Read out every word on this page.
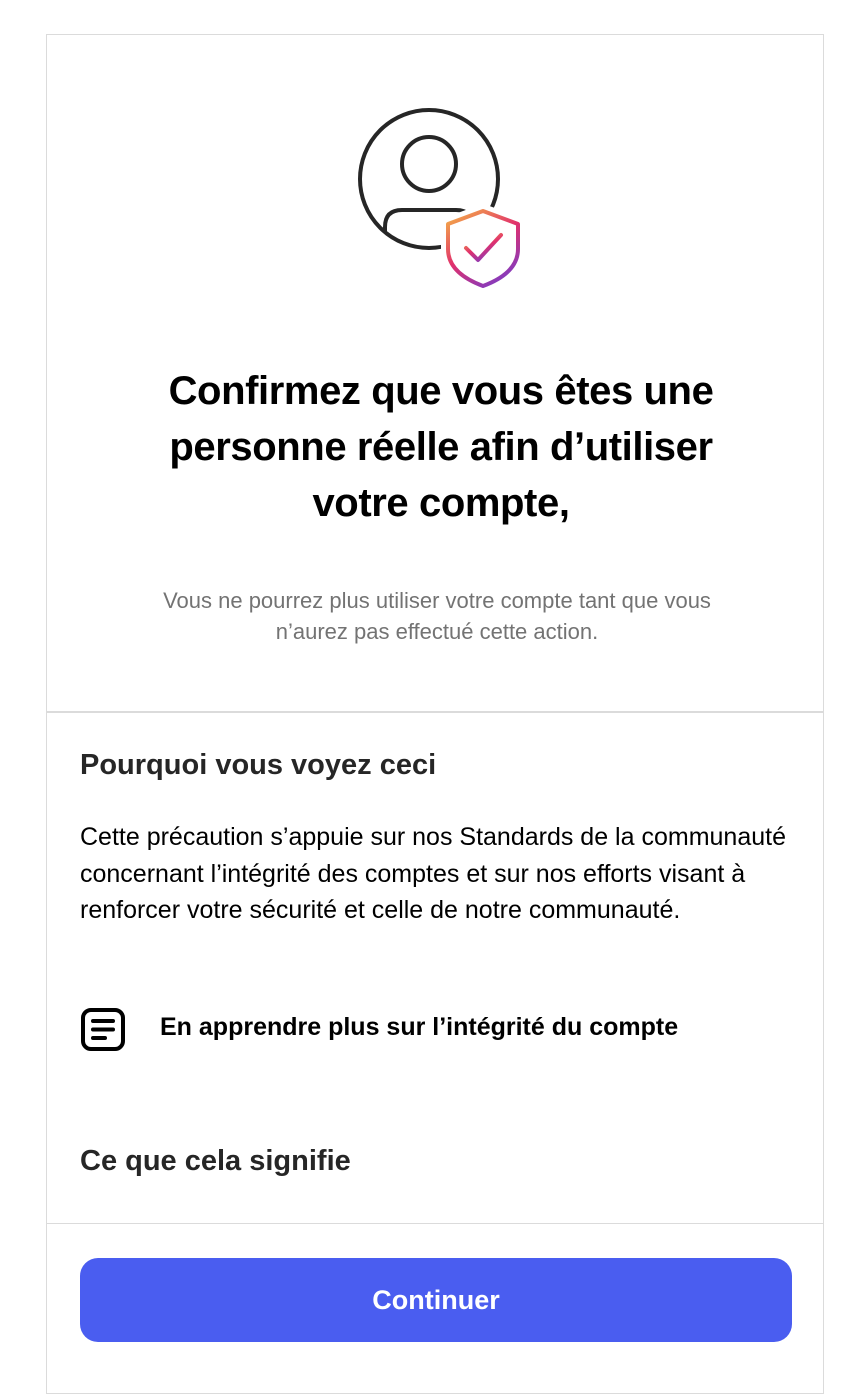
Confirmez que vous êtes une personne réelle afin d’utiliser votre compte,

Vous ne pourrez plus utiliser votre compte tant que vous n’aurez pas effectué cette action.

Pourquoi vous voyez ceci

Cette précaution s’appuie sur nos Standards de la communauté concernant l’intégrité des comptes et sur nos efforts visant à renforcer votre sécurité et celle de notre communauté.

En apprendre plus sur l’intégrité du compte
Ce que cela signifie
Continuer
